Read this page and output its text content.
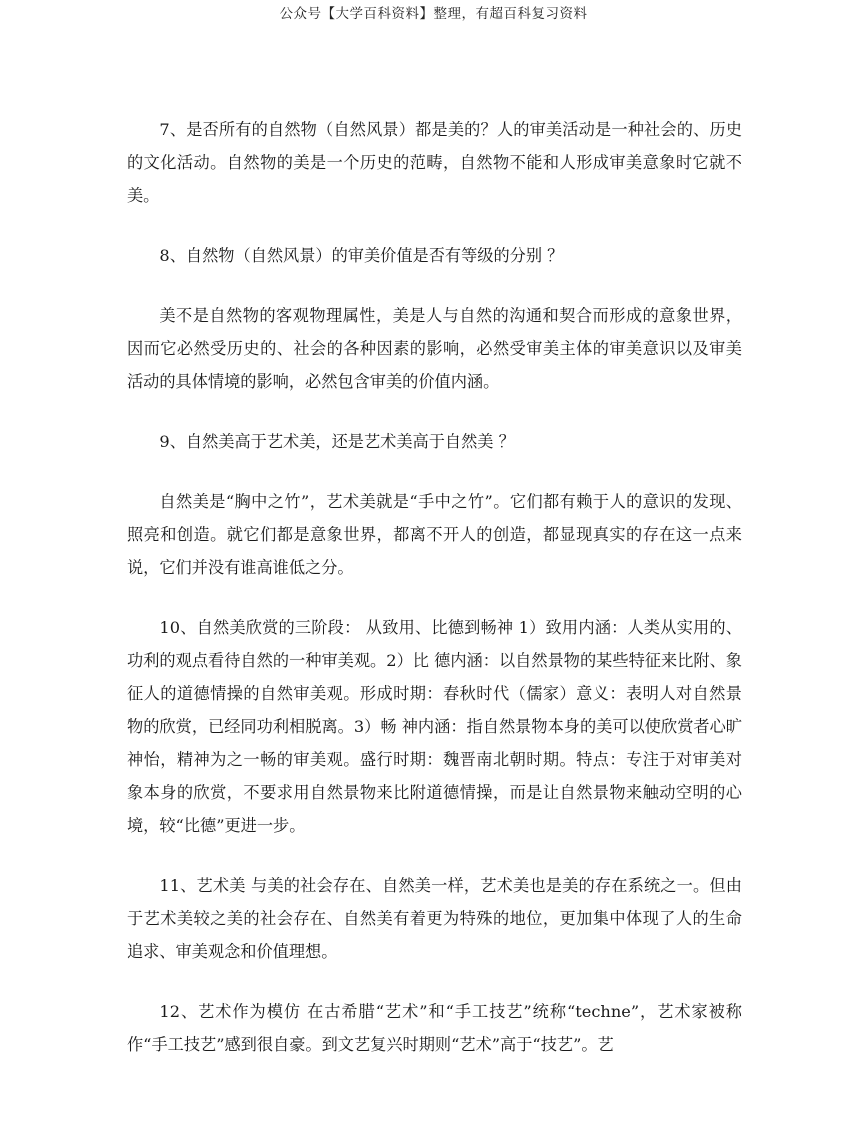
公众号【大学百科资料】整理，有超百科复习资料

7、是否所有的自然物（自然风景）都是美的？人的审美活动是一种社会的、历史的文化活动。自然物的美是一个历史的范畴，自然物不能和人形成审美意象时它就不美。

8、自然物（自然风景）的审美价值是否有等级的分别 ？

美不是自然物的客观物理属性，美是人与自然的沟通和契合而形成的意象世界，因而它必然受历史的、社会的各种因素的影响，必然受审美主体的审美意识以及审美活动的具体情境的影响，必然包含审美的价值内涵。

9、自然美高于艺术美，还是艺术美高于自然美 ？

自然美是“胸中之竹”，艺术美就是“手中之竹”。它们都有赖于人的意识的发现、照亮和创造。就它们都是意象世界，都离不开人的创造，都显现真实的存在这一点来说，它们并没有谁高谁低之分。

10、自然美欣赏的三阶段： 从致用、比德到畅神 1）致用内涵：人类从实用的、功利的观点看待自然的一种审美观。2）比 德内涵：以自然景物的某些特征来比附、象征人的道德情操的自然审美观。形成时期：春秋时代（儒家）意义：表明人对自然景物的欣赏，已经同功利相脱离。3）畅 神内涵：指自然景物本身的美可以使欣赏者心旷神怡，精神为之一畅的审美观。盛行时期：魏晋南北朝时期。特点：专注于对审美对象本身的欣赏，不要求用自然景物来比附道德情操，而是让自然景物来触动空明的心境，较“比德”更进一步。

11、艺术美 与美的社会存在、自然美一样，艺术美也是美的存在系统之一。但由于艺术美较之美的社会存在、自然美有着更为特殊的地位，更加集中体现了人的生命追求、审美观念和价值理想。

12、艺术作为模仿 在古希腊“艺术”和“手工技艺”统称“techne”，艺术家被称作“手工技艺”感到很自豪。到文艺复兴时期则“艺术”高于“技艺”。艺
